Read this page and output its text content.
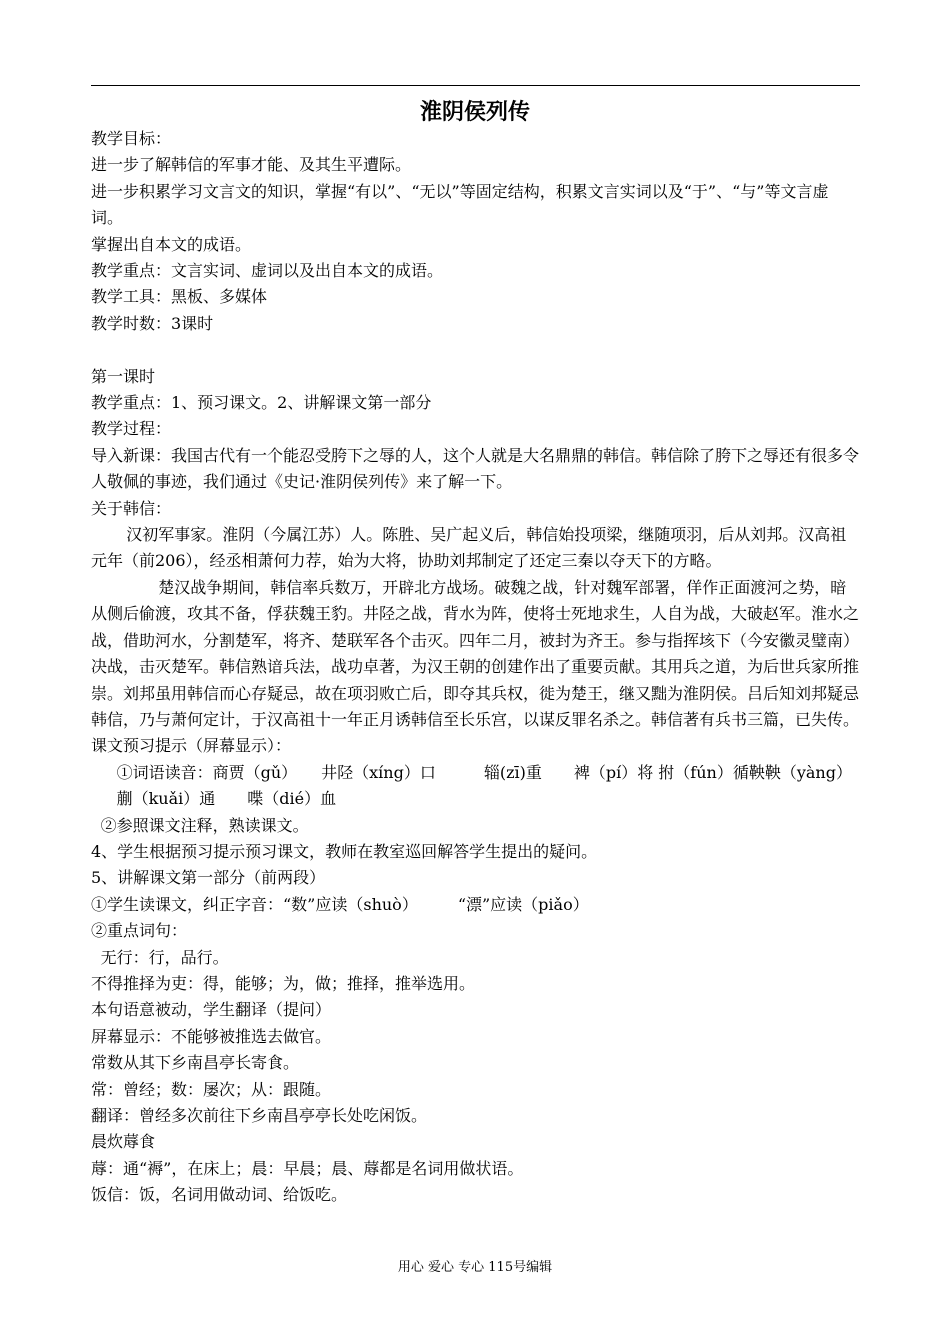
淮阴侯列传

教学目标：

进一步了解韩信的军事才能、及其生平遭际。

进一步积累学习文言文的知识，掌握“有以”、“无以”等固定结构，积累文言实词以及“于”、“与”等文言虚词。

掌握出自本文的成语。

教学重点：文言实词、虚词以及出自本文的成语。

教学工具：黑板、多媒体

教学时数：3课时

第一课时

教学重点：1、预习课文。2、讲解课文第一部分

教学过程：

导入新课：我国古代有一个能忍受胯下之辱的人，这个人就是大名鼎鼎的韩信。韩信除了胯下之辱还有很多令人敬佩的事迹，我们通过《史记·淮阴侯列传》来了解一下。

关于韩信：

汉初军事家。淮阴（今属江苏）人。陈胜、吴广起义后，韩信始投项梁，继随项羽，后从刘邦。汉高祖元年（前206），经丞相萧何力荐，始为大将，协助刘邦制定了还定三秦以夺天下的方略。

楚汉战争期间，韩信率兵数万，开辟北方战场。破魏之战，针对魏军部署，佯作正面渡河之势，暗从侧后偷渡，攻其不备，俘获魏王豹。井陉之战，背水为阵，使将士死地求生，人自为战，大破赵军。淮水之战，借助河水，分割楚军，将齐、楚联军各个击灭。四年二月，被封为齐王。参与指挥垓下（今安徽灵璧南）决战，击灭楚军。韩信熟谙兵法，战功卓著，为汉王朝的创建作出了重要贡献。其用兵之道，为后世兵家所推崇。刘邦虽用韩信而心存疑忌，故在项羽败亡后，即夺其兵权，徙为楚王，继又黜为淮阴侯。吕后知刘邦疑忌韩信，乃与萧何定计，于汉高祖十一年正月诱韩信至长乐宫，以谋反罪名杀之。韩信著有兵书三篇，已失传。

课文预习提示（屏幕显示）：

①词语读音：商贾（gǔ）　　井陉（xíng）口　　　辎(zī)重　　裨（pí）将 拊（fún）循鞅鞅（yàng）　　　蒯（kuǎi）通　　喋（dié）血

②参照课文注释，熟读课文。

4、学生根据预习提示预习课文，教师在教室巡回解答学生提出的疑问。

5、讲解课文第一部分（前两段）

①学生读课文，纠正字音：“数”应读（shuò）　　　“漂”应读（piǎo）

②重点词句：

无行：行，品行。

不得推择为吏：得，能够；为，做；推择，推举选用。

本句语意被动，学生翻译（提问）

屏幕显示：不能够被推选去做官。

常数从其下乡南昌亭长寄食。

常：曾经；数：屡次；从：跟随。

翻译：曾经多次前往下乡南昌亭亭长处吃闲饭。

晨炊蓐食

蓐：通“褥”，在床上；晨：早晨；晨、蓐都是名词用做状语。

饭信：饭，名词用做动词、给饭吃。

用心 爱心 专心 115号编辑
